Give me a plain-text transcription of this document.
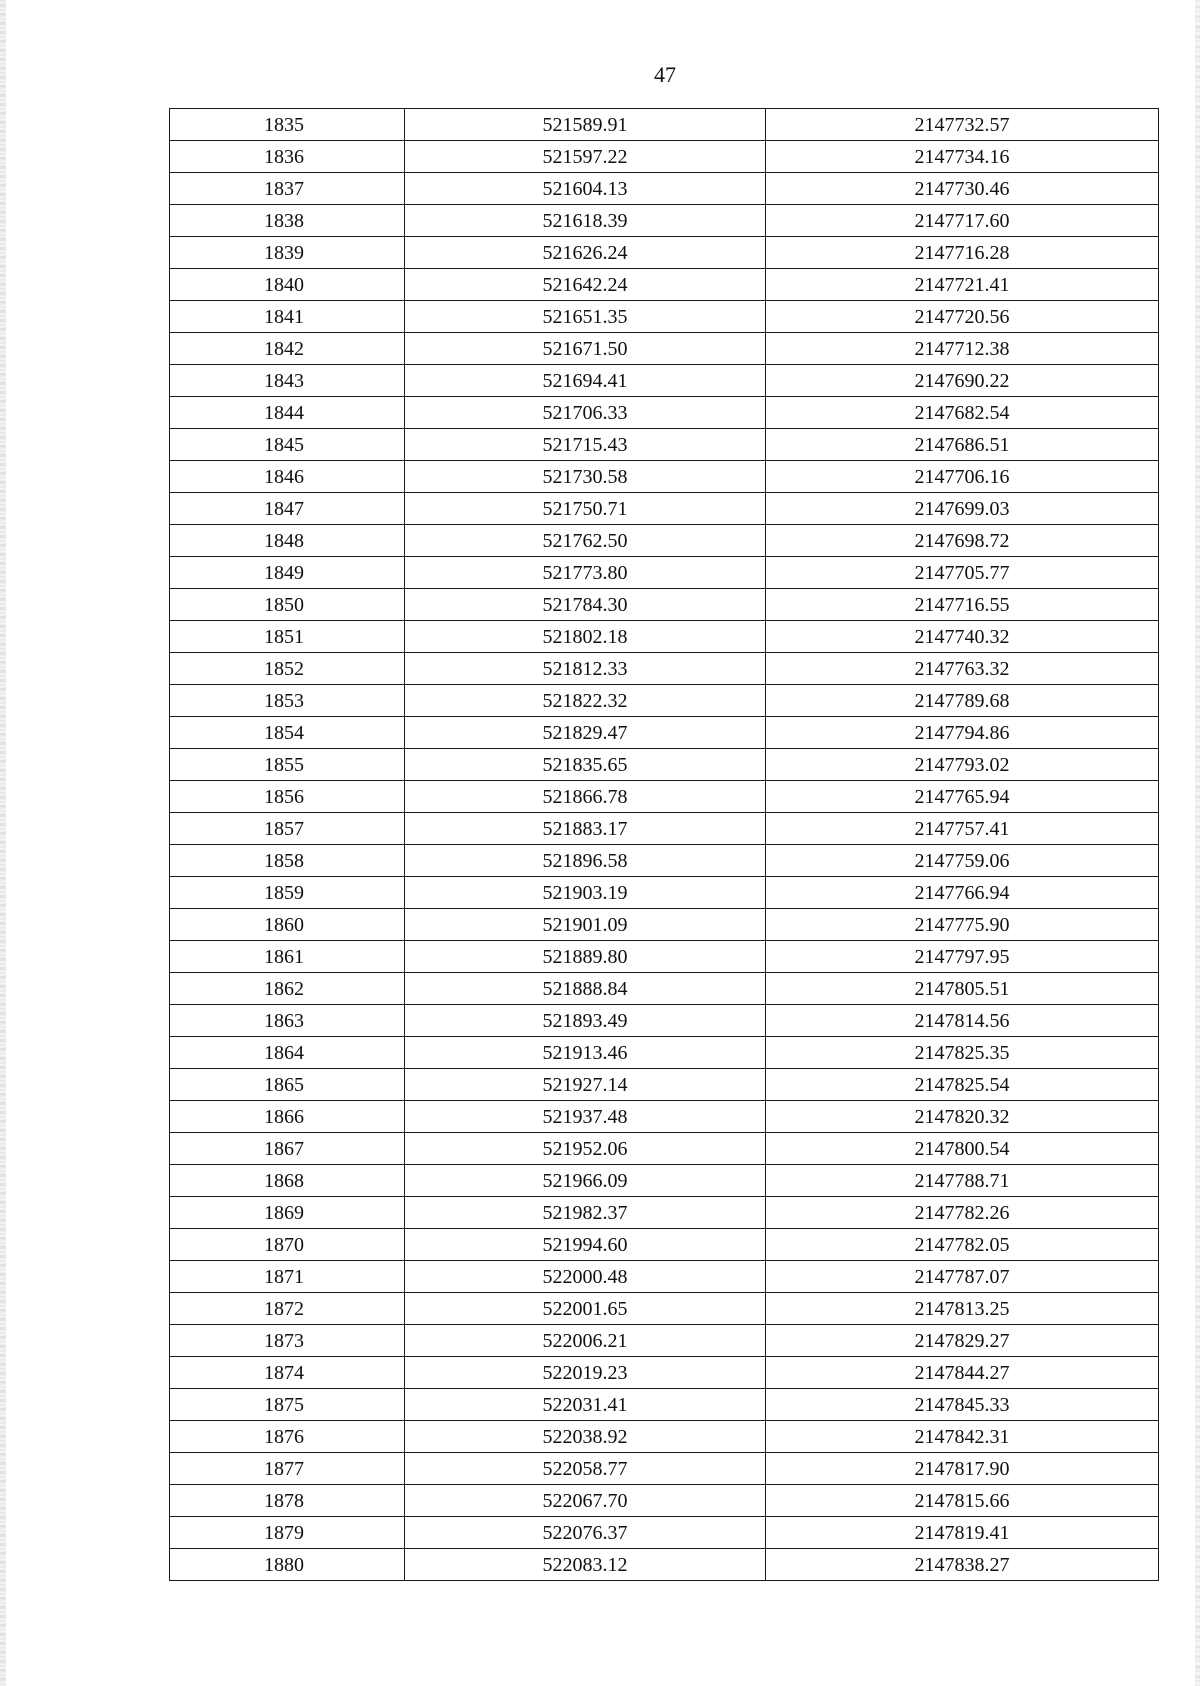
47
1835	521589.91	2147732.57
1836	521597.22	2147734.16
1837	521604.13	2147730.46
1838	521618.39	2147717.60
1839	521626.24	2147716.28
1840	521642.24	2147721.41
1841	521651.35	2147720.56
1842	521671.50	2147712.38
1843	521694.41	2147690.22
1844	521706.33	2147682.54
1845	521715.43	2147686.51
1846	521730.58	2147706.16
1847	521750.71	2147699.03
1848	521762.50	2147698.72
1849	521773.80	2147705.77
1850	521784.30	2147716.55
1851	521802.18	2147740.32
1852	521812.33	2147763.32
1853	521822.32	2147789.68
1854	521829.47	2147794.86
1855	521835.65	2147793.02
1856	521866.78	2147765.94
1857	521883.17	2147757.41
1858	521896.58	2147759.06
1859	521903.19	2147766.94
1860	521901.09	2147775.90
1861	521889.80	2147797.95
1862	521888.84	2147805.51
1863	521893.49	2147814.56
1864	521913.46	2147825.35
1865	521927.14	2147825.54
1866	521937.48	2147820.32
1867	521952.06	2147800.54
1868	521966.09	2147788.71
1869	521982.37	2147782.26
1870	521994.60	2147782.05
1871	522000.48	2147787.07
1872	522001.65	2147813.25
1873	522006.21	2147829.27
1874	522019.23	2147844.27
1875	522031.41	2147845.33
1876	522038.92	2147842.31
1877	522058.77	2147817.90
1878	522067.70	2147815.66
1879	522076.37	2147819.41
1880	522083.12	2147838.27
